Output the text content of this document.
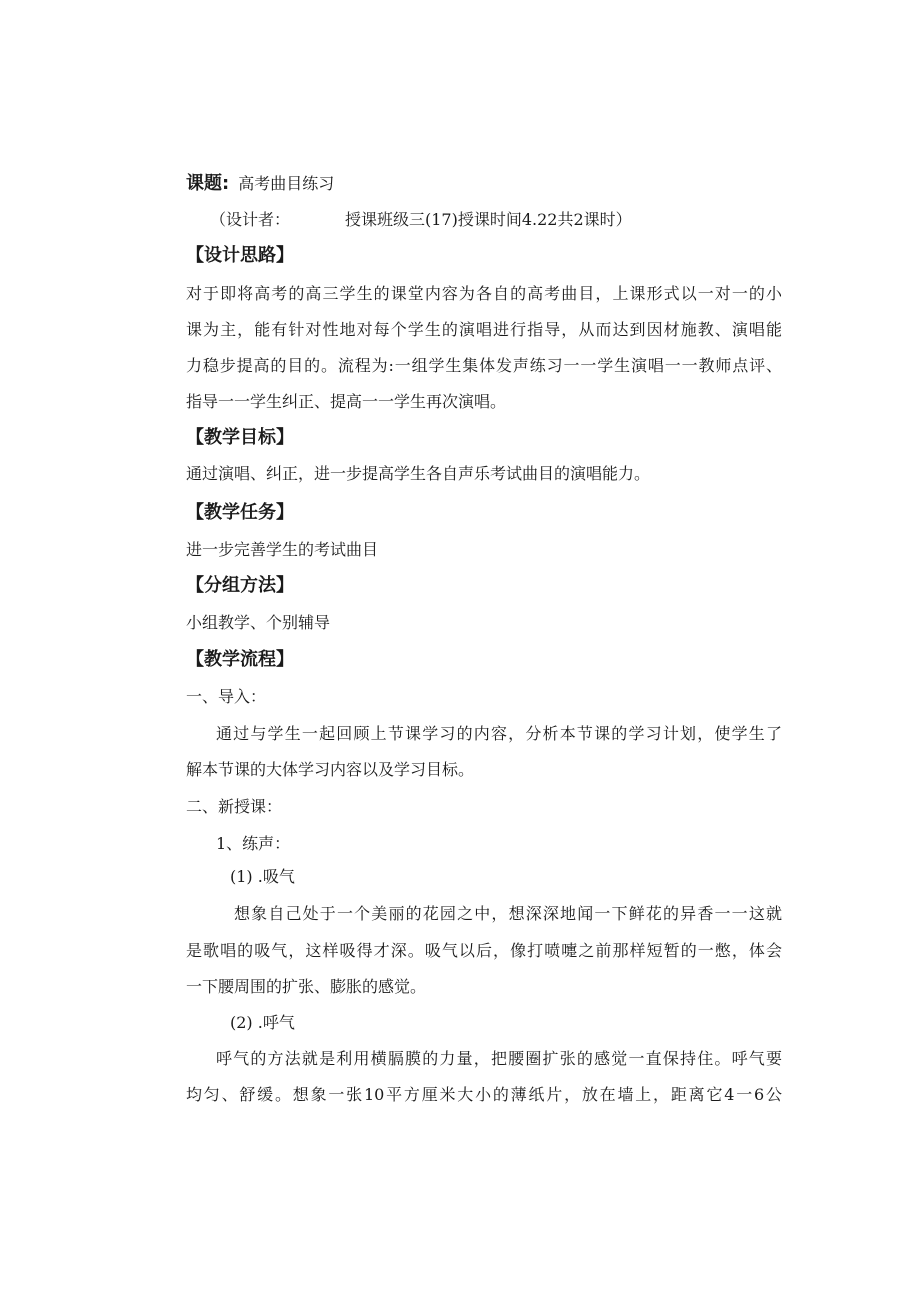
课题: 高考曲目练习
（设计者：	授课班级三(17)授课时间4.22共2课时）
【设计思路】
对于即将高考的高三学生的课堂内容为各自的高考曲目，上课形式以一对一的小
课为主，能有针对性地对每个学生的演唱进行指导，从而达到因材施教、演唱能
力稳步提高的目的。流程为:一组学生集体发声练习一一学生演唱一一教师点评、
指导一一学生纠正、提高一一学生再次演唱。
【教学目标】
通过演唱、纠正，进一步提高学生各自声乐考试曲目的演唱能力。
【教学任务】
进一步完善学生的考试曲目
【分组方法】
小组教学、个别辅导
【教学流程】
一、导入：
通过与学生一起回顾上节课学习的内容，分析本节课的学习计划，使学生了
解本节课的大体学习内容以及学习目标。
二、新授课：
1、练声：
(1) .吸气
想象自己处于一个美丽的花园之中，想深深地闻一下鲜花的异香一一这就
是歌唱的吸气，这样吸得才深。吸气以后，像打喷嚏之前那样短暂的一憋，体会
一下腰周围的扩张、膨胀的感觉。
(2) .呼气
呼气的方法就是利用横膈膜的力量，把腰圈扩张的感觉一直保持住。呼气要
均匀、舒缓。想象一张10平方厘米大小的薄纸片，放在墙上，距离它4一6公
